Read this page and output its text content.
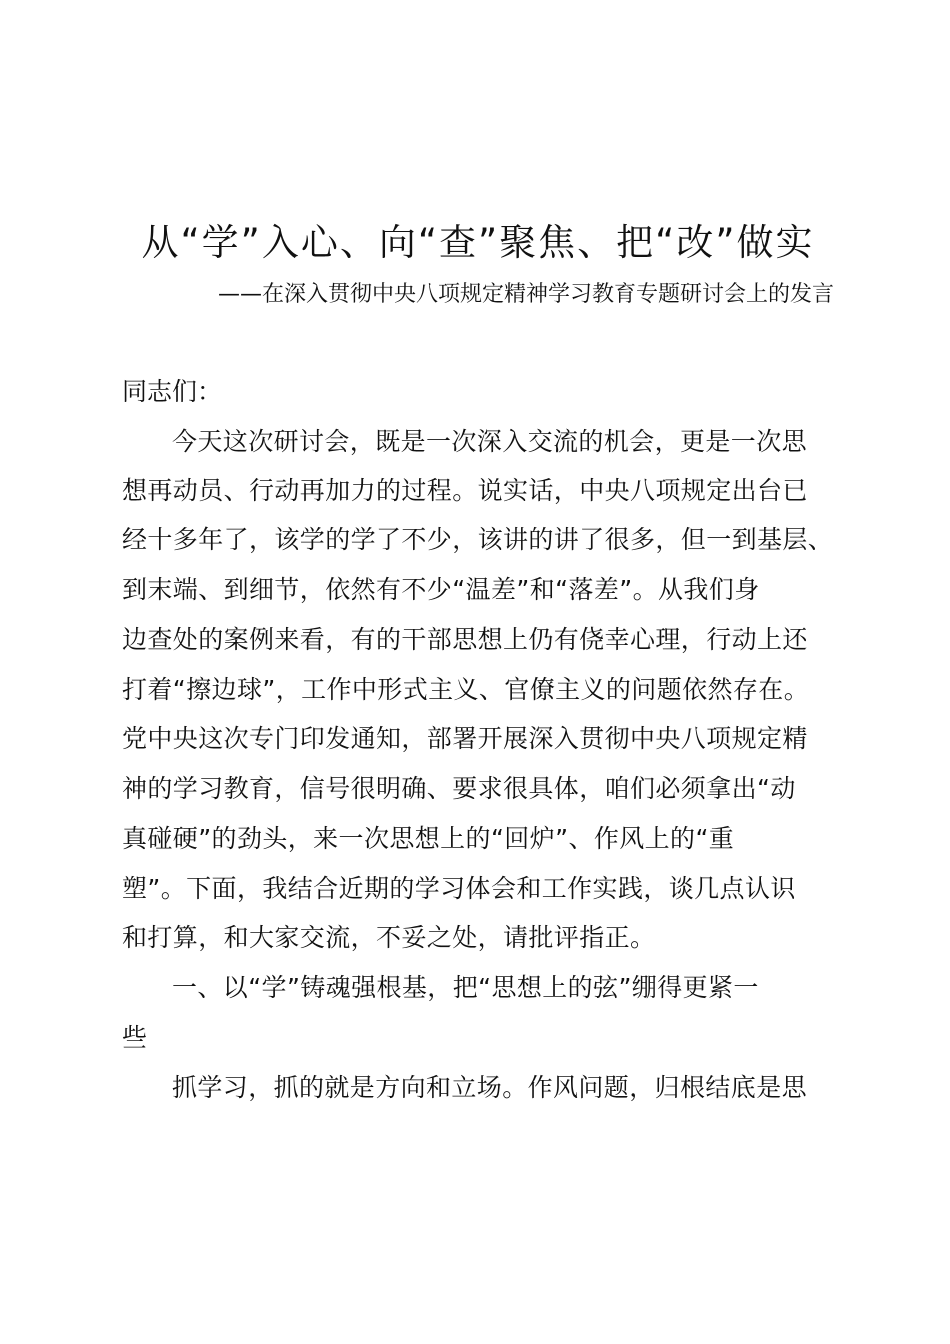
从“学”入心、向“查”聚焦、把“改”做实
——在深入贯彻中央八项规定精神学习教育专题研讨会上的发言
同志们：
今天这次研讨会，既是一次深入交流的机会，更是一次思
想再动员、行动再加力的过程。说实话，中央八项规定出台已
经十多年了，该学的学了不少，该讲的讲了很多，但一到基层、
到末端、到细节，依然有不少“温差”和“落差”。从我们身
边查处的案例来看，有的干部思想上仍有侥幸心理，行动上还
打着“擦边球”，工作中形式主义、官僚主义的问题依然存在。
党中央这次专门印发通知，部署开展深入贯彻中央八项规定精
神的学习教育，信号很明确、要求很具体，咱们必须拿出“动
真碰硬”的劲头，来一次思想上的“回炉”、作风上的“重
塑”。下面，我结合近期的学习体会和工作实践，谈几点认识
和打算，和大家交流，不妥之处，请批评指正。
一、以“学”铸魂强根基，把“思想上的弦”绷得更紧一
些
抓学习，抓的就是方向和立场。作风问题，归根结底是思
